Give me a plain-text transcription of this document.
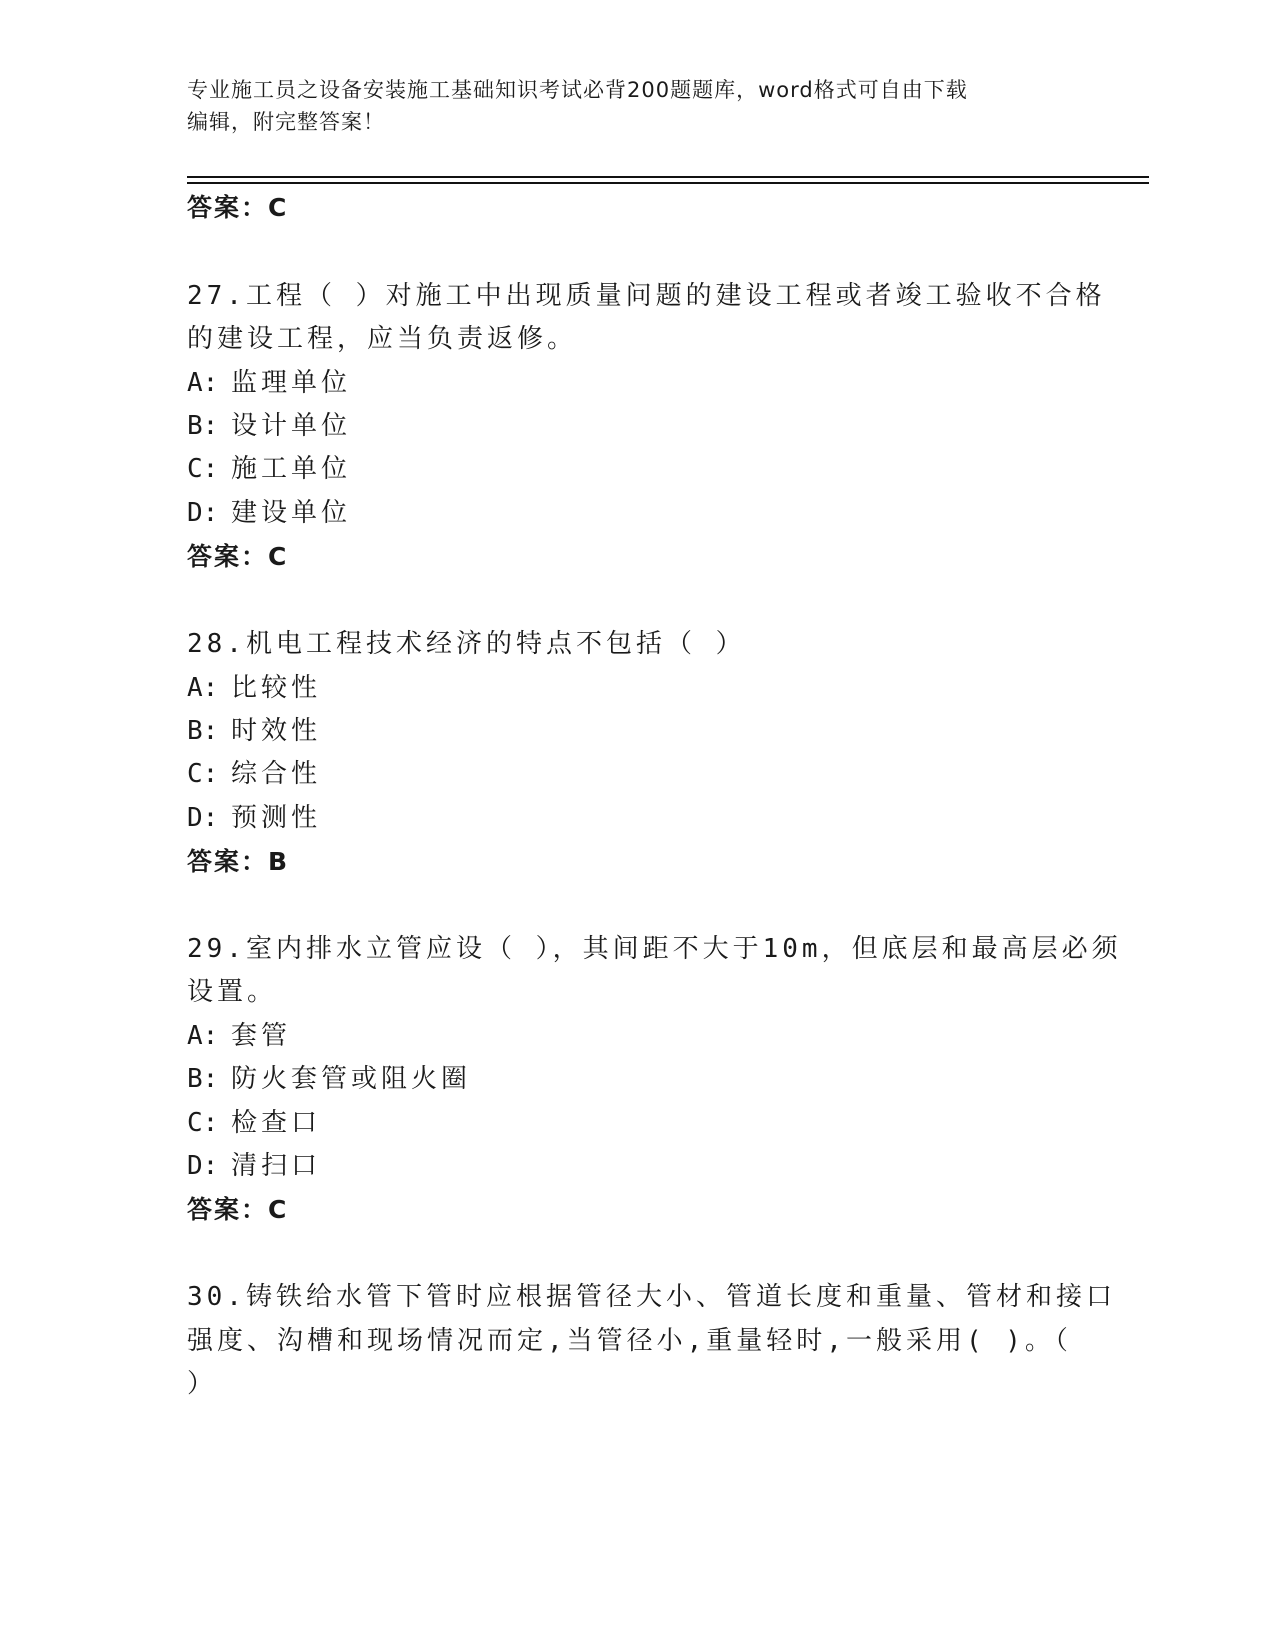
专业施工员之设备安装施工基础知识考试必背200题题库，word格式可自由下载
编辑，附完整答案！
答案：C
27.工程（ ）对施工中出现质量问题的建设工程或者竣工验收不合格
的建设工程，应当负责返修。
A: 监理单位
B: 设计单位
C: 施工单位
D: 建设单位
答案：C
28.机电工程技术经济的特点不包括（ ）
A: 比较性
B: 时效性
C: 综合性
D: 预测性
答案：B
29.室内排水立管应设（ ），其间距不大于10m，但底层和最高层必须
设置。
A: 套管
B: 防火套管或阻火圈
C: 检查口
D: 清扫口
答案：C
30.铸铁给水管下管时应根据管径大小、管道长度和重量、管材和接口
强度、沟槽和现场情况而定,当管径小,重量轻时,一般采用( )。（
）
